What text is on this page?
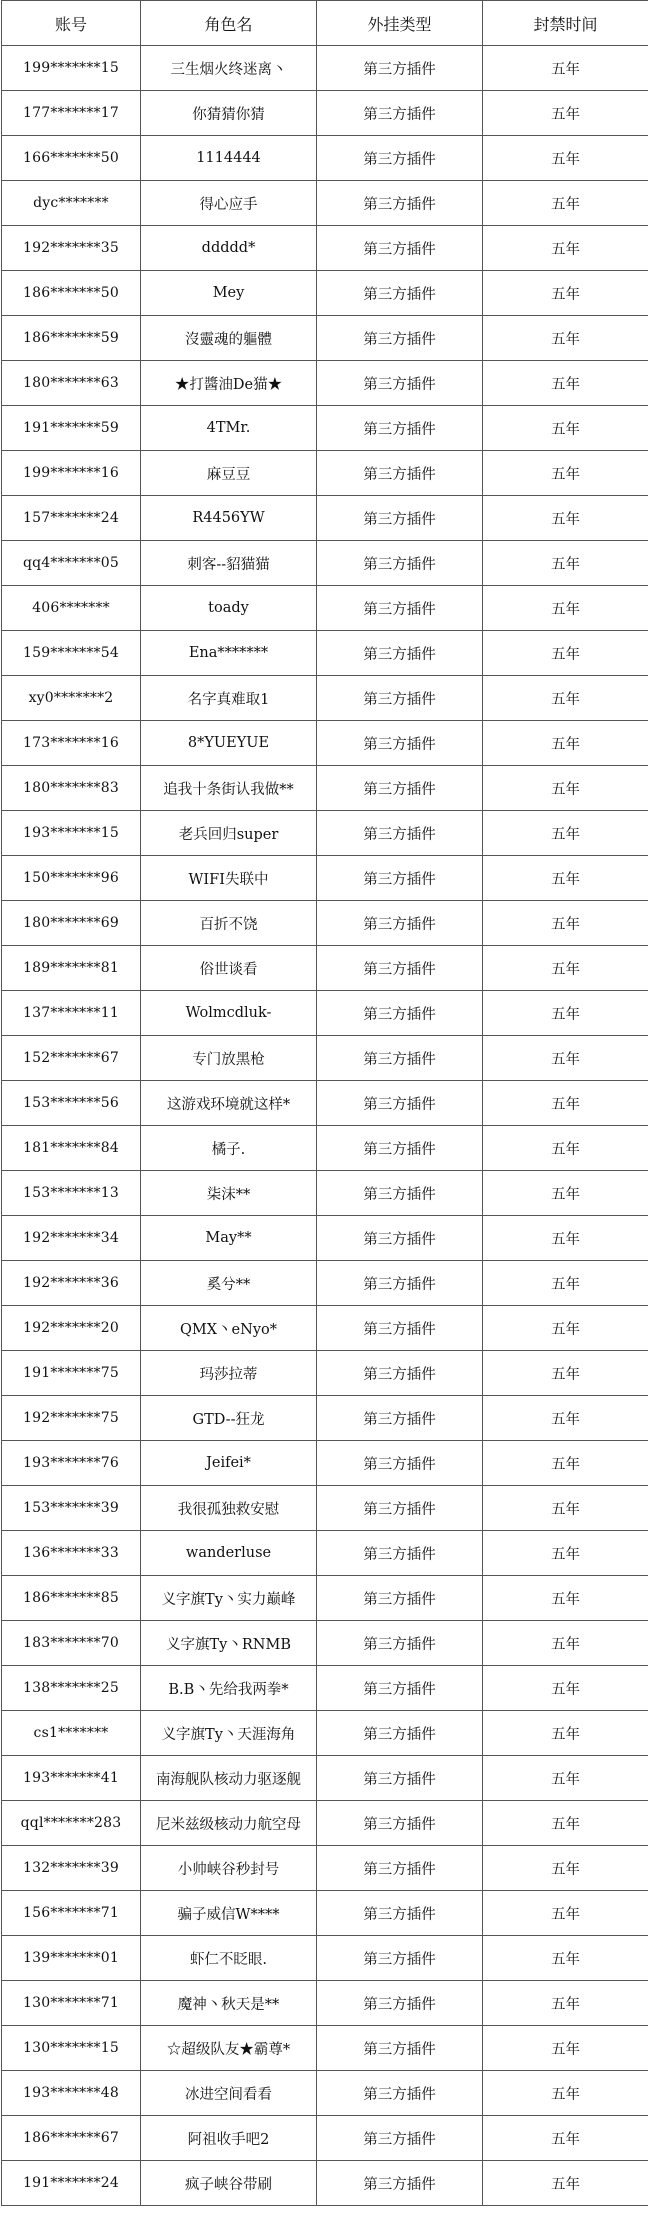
账号	角色名	外挂类型	封禁时间
199*******15	三生烟火终迷离丶	第三方插件	五年
177*******17	你猜猜你猜	第三方插件	五年
166*******50	1114444	第三方插件	五年
dyc*******	得心应手	第三方插件	五年
192*******35	ddddd*	第三方插件	五年
186*******50	Mey	第三方插件	五年
186*******59	沒靈魂的軀體	第三方插件	五年
180*******63	★打醬油De猫★	第三方插件	五年
191*******59	4TMr.	第三方插件	五年
199*******16	麻豆豆	第三方插件	五年
157*******24	R4456YW	第三方插件	五年
qq4*******05	刺客--貂猫猫	第三方插件	五年
406*******	toady	第三方插件	五年
159*******54	Ena*******	第三方插件	五年
xy0*******2	名字真难取1	第三方插件	五年
173*******16	8*YUEYUE	第三方插件	五年
180*******83	追我十条街认我做**	第三方插件	五年
193*******15	老兵回归super	第三方插件	五年
150*******96	WIFI失联中	第三方插件	五年
180*******69	百折不饶	第三方插件	五年
189*******81	俗世谈看	第三方插件	五年
137*******11	Wolmcdluk-	第三方插件	五年
152*******67	专门放黑枪	第三方插件	五年
153*******56	这游戏环境就这样*	第三方插件	五年
181*******84	橘子.	第三方插件	五年
153*******13	柒沫**	第三方插件	五年
192*******34	May**	第三方插件	五年
192*******36	奚兮**	第三方插件	五年
192*******20	QMX丶eNyo*	第三方插件	五年
191*******75	玛莎拉蒂	第三方插件	五年
192*******75	GTD--狂龙	第三方插件	五年
193*******76	Jeifei*	第三方插件	五年
153*******39	我很孤独救安慰	第三方插件	五年
136*******33	wanderluse	第三方插件	五年
186*******85	义字旗Ty丶实力巅峰	第三方插件	五年
183*******70	义字旗Ty丶RNMB	第三方插件	五年
138*******25	B.B丶先给我两拳*	第三方插件	五年
cs1*******	义字旗Ty丶天涯海角	第三方插件	五年
193*******41	南海舰队核动力驱逐舰	第三方插件	五年
qql*******283	尼米兹级核动力航空母	第三方插件	五年
132*******39	小帅峡谷秒封号	第三方插件	五年
156*******71	骗子威信W****	第三方插件	五年
139*******01	虾仁不眨眼.	第三方插件	五年
130*******71	魔神丶秋天是**	第三方插件	五年
130*******15	☆超级队友★霸尊*	第三方插件	五年
193*******48	冰进空间看看	第三方插件	五年
186*******67	阿祖收手吧2	第三方插件	五年
191*******24	疯子峡谷带刷	第三方插件	五年
